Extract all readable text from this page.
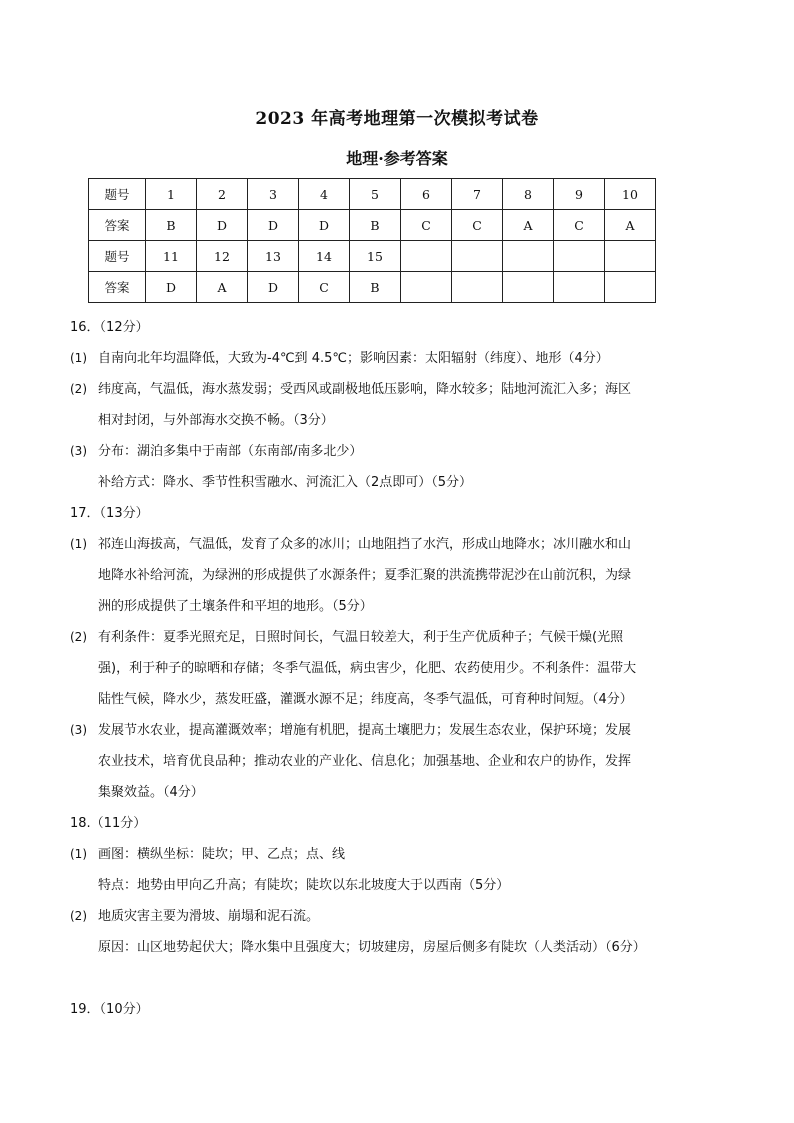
2023 年高考地理第一次模拟考试卷
地理·参考答案
题号	1	2	3	4	5	6	7	8	9	10
答案	B	D	D	D	B	C	C	A	C	A
题号	11	12	13	14	15					
答案	D	A	D	C	B					
16．（12分）
(1) 自南向北年均温降低，大致为-4℃到 4.5℃；影响因素：太阳辐射（纬度）、地形（4分）
(2) 纬度高，气温低，海水蒸发弱；受西风或副极地低压影响，降水较多；陆地河流汇入多；海区
相对封闭，与外部海水交换不畅。（3分）
(3) 分布：湖泊多集中于南部（东南部/南多北少）
补给方式：降水、季节性积雪融水、河流汇入（2点即可）（5分）
17．（13分）
(1) 祁连山海拔高，气温低，发育了众多的冰川；山地阻挡了水汽，形成山地降水；冰川融水和山
地降水补给河流，为绿洲的形成提供了水源条件；夏季汇聚的洪流携带泥沙在山前沉积，为绿
洲的形成提供了土壤条件和平坦的地形。（5分）
(2) 有利条件：夏季光照充足，日照时间长，气温日较差大，利于生产优质种子；气候干燥(光照
强)，利于种子的晾晒和存储；冬季气温低，病虫害少，化肥、农药使用少。不利条件：温带大
陆性气候，降水少，蒸发旺盛，灌溉水源不足；纬度高，冬季气温低，可育种时间短。（4分）
(3) 发展节水农业，提高灌溉效率；增施有机肥，提高土壤肥力；发展生态农业，保护环境；发展
农业技术，培育优良品种；推动农业的产业化、信息化；加强基地、企业和农户的协作，发挥
集聚效益。（4分）
18.（11分）
(1) 画图：横纵坐标：陡坎；甲、乙点；点、线
特点：地势由甲向乙升高；有陡坎；陡坎以东北坡度大于以西南（5分）
(2) 地质灾害主要为滑坡、崩塌和泥石流。
原因：山区地势起伏大；降水集中且强度大；切坡建房，房屋后侧多有陡坎（人类活动）（6分）
19．（10分）
